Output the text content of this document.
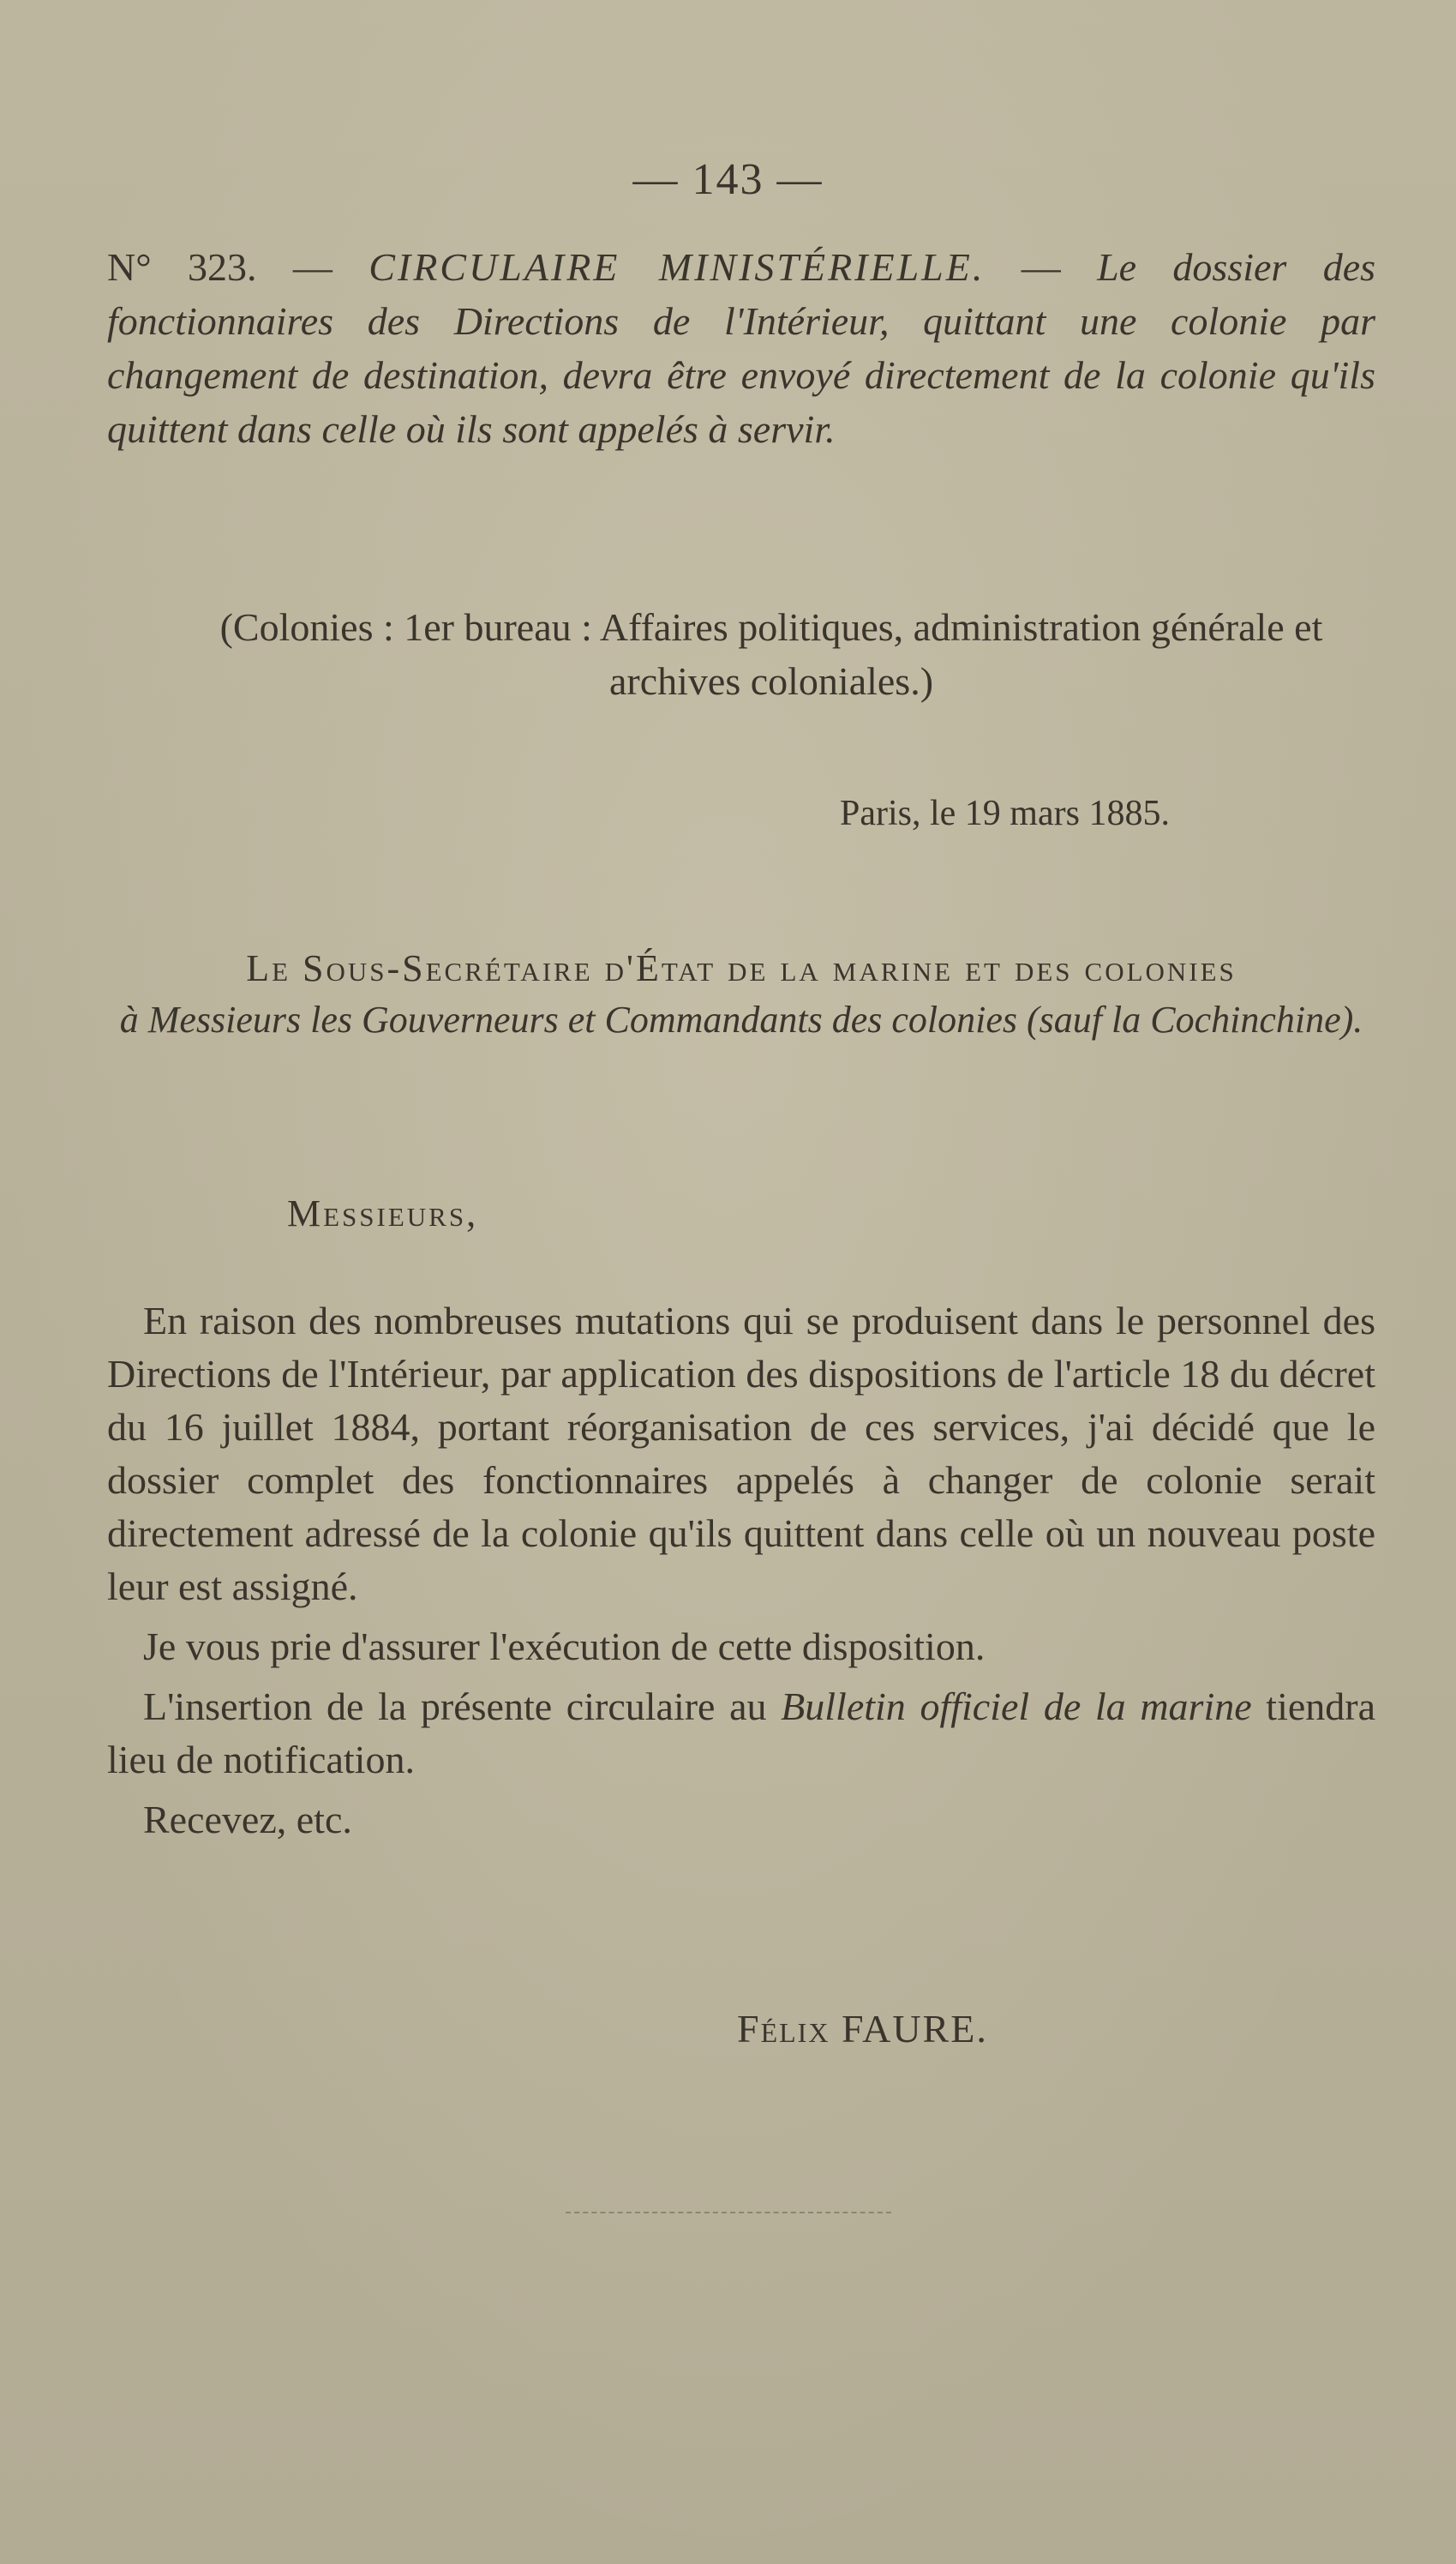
— 143 —
N° 323. — CIRCULAIRE MINISTÉRIELLE. — Le dossier des fonctionnaires des Directions de l'Intérieur, quittant une colonie par changement de destination, devra être envoyé directement de la colonie qu'ils quittent dans celle où ils sont appelés à servir.
(Colonies : 1er bureau : Affaires politiques, administration générale et archives coloniales.)
Paris, le 19 mars 1885.
Le Sous-Secrétaire d'État de la marine et des colonies
à Messieurs les Gouverneurs et Commandants des colonies (sauf la Cochinchine).
Messieurs,

En raison des nombreuses mutations qui se produisent dans le personnel des Directions de l'Intérieur, par application des dispositions de l'article 18 du décret du 16 juillet 1884, portant réorganisation de ces services, j'ai décidé que le dossier complet des fonctionnaires appelés à changer de colonie serait directement adressé de la colonie qu'ils quittent dans celle où un nouveau poste leur est assigné.

Je vous prie d'assurer l'exécution de cette disposition.

L'insertion de la présente circulaire au Bulletin officiel de la marine tiendra lieu de notification.

Recevez, etc.

Félix FAURE.
